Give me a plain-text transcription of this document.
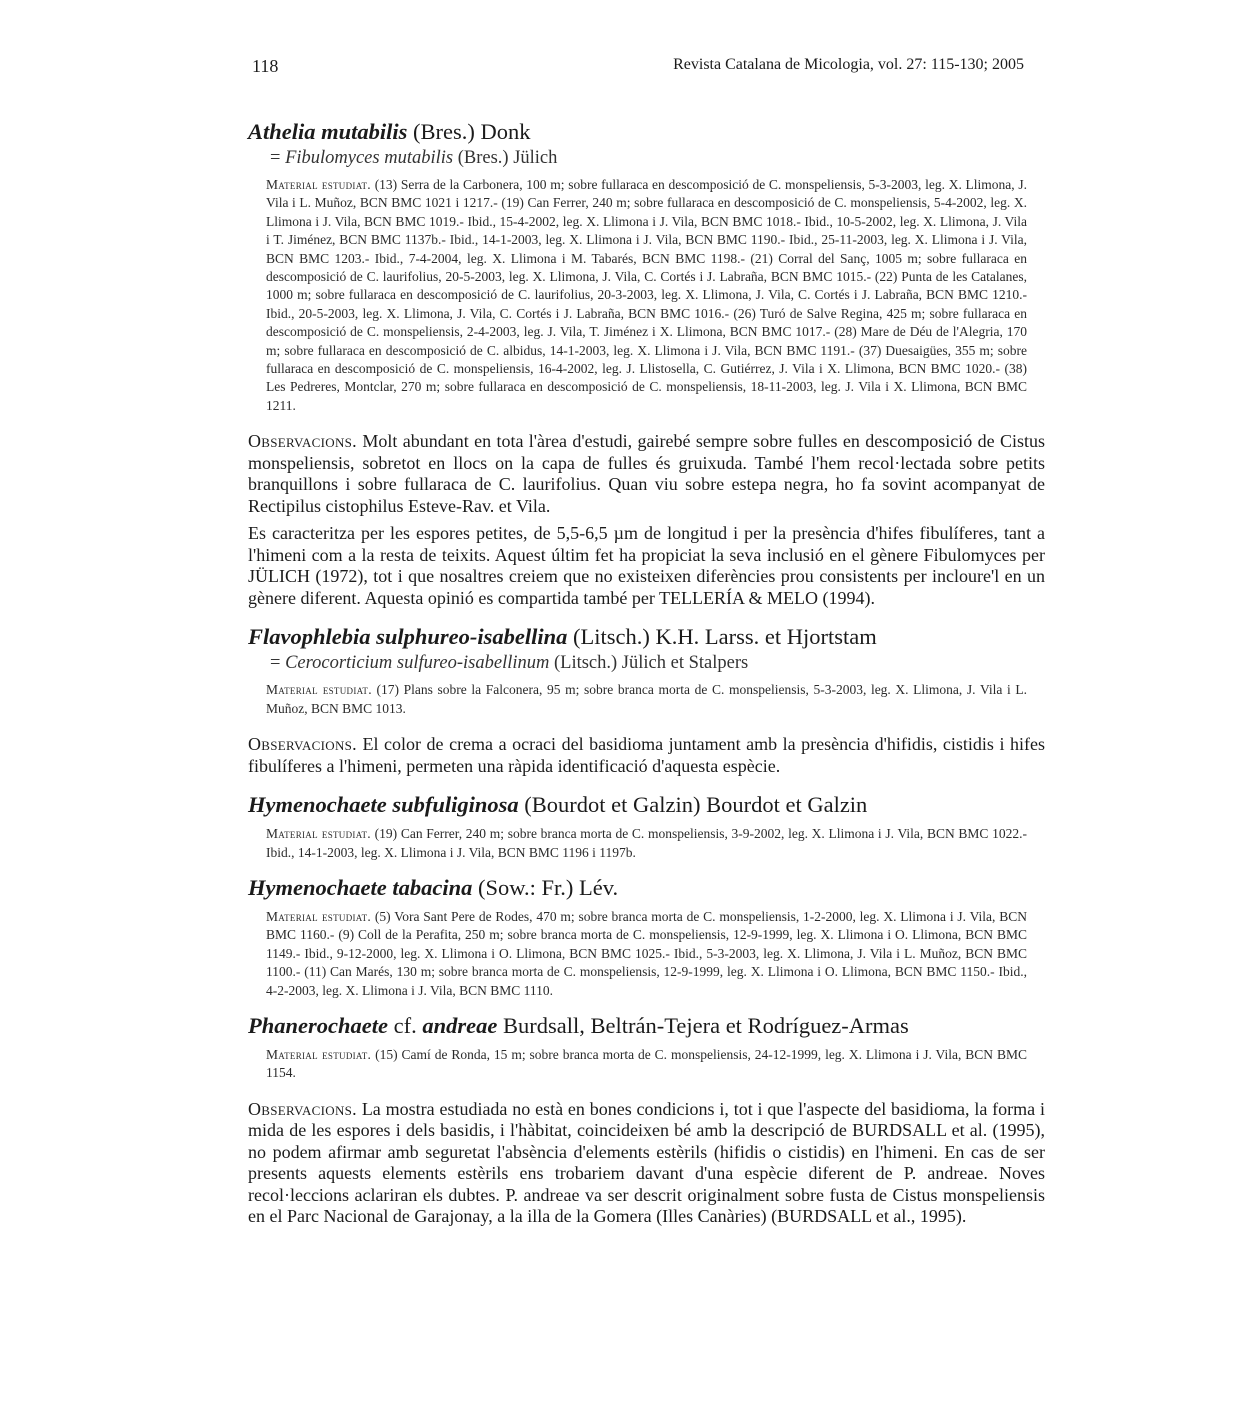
118	Revista Catalana de Micologia, vol. 27: 115-130; 2005

Athelia mutabilis (Bres.) Donk

= Fibulomyces mutabilis (Bres.) Jülich

Material estudiat. (13) Serra de la Carbonera, 100 m; sobre fullaraca en descomposició de C. monspeliensis, 5-3-2003, leg. X. Llimona, J. Vila i L. Muñoz, BCN BMC 1021 i 1217.- (19) Can Ferrer, 240 m; sobre fullaraca en descomposició de C. monspeliensis, 5-4-2002, leg. X. Llimona i J. Vila, BCN BMC 1019.- Ibid., 15-4-2002, leg. X. Llimona i J. Vila, BCN BMC 1018.- Ibid., 10-5-2002, leg. X. Llimona, J. Vila i T. Jiménez, BCN BMC 1137b.- Ibid., 14-1-2003, leg. X. Llimona i J. Vila, BCN BMC 1190.- Ibid., 25-11-2003, leg. X. Llimona i J. Vila, BCN BMC 1203.- Ibid., 7-4-2004, leg. X. Llimona i M. Tabarés, BCN BMC 1198.- (21) Corral del Sanç, 1005 m; sobre fullaraca en descomposició de C. laurifolius, 20-5-2003, leg. X. Llimona, J. Vila, C. Cortés i J. Labraña, BCN BMC 1015.- (22) Punta de les Catalanes, 1000 m; sobre fullaraca en descomposició de C. laurifolius, 20-3-2003, leg. X. Llimona, J. Vila, C. Cortés i J. Labraña, BCN BMC 1210.- Ibid., 20-5-2003, leg. X. Llimona, J. Vila, C. Cortés i J. Labraña, BCN BMC 1016.- (26) Turó de Salve Regina, 425 m; sobre fullaraca en descomposició de C. monspeliensis, 2-4-2003, leg. J. Vila, T. Jiménez i X. Llimona, BCN BMC 1017.- (28) Mare de Déu de l'Alegria, 170 m; sobre fullaraca en descomposició de C. albidus, 14-1-2003, leg. X. Llimona i J. Vila, BCN BMC 1191.- (37) Duesaigües, 355 m; sobre fullaraca en descomposició de C. monspeliensis, 16-4-2002, leg. J. Llistosella, C. Gutiérrez, J. Vila i X. Llimona, BCN BMC 1020.- (38) Les Pedreres, Montclar, 270 m; sobre fullaraca en descomposició de C. monspeliensis, 18-11-2003, leg. J. Vila i X. Llimona, BCN BMC 1211.

Observacions. Molt abundant en tota l'àrea d'estudi, gairebé sempre sobre fulles en descomposició de Cistus monspeliensis, sobretot en llocs on la capa de fulles és gruixuda. També l'hem recol·lectada sobre petits branquillons i sobre fullaraca de C. laurifolius. Quan viu sobre estepa negra, ho fa sovint acompanyat de Rectipilus cistophilus Esteve-Rav. et Vila.

Es caracteritza per les espores petites, de 5,5-6,5 µm de longitud i per la presència d'hifes fibulíferes, tant a l'himeni com a la resta de teixits. Aquest últim fet ha propiciat la seva inclusió en el gènere Fibulomyces per JÜLICH (1972), tot i que nosaltres creiem que no existeixen diferències prou consistents per incloure'l en un gènere diferent. Aquesta opinió es compartida també per TELLERÍA & MELO (1994).

Flavophlebia sulphureo-isabellina (Litsch.) K.H. Larss. et Hjortstam

= Cerocorticium sulfureo-isabellinum (Litsch.) Jülich et Stalpers

Material estudiat. (17) Plans sobre la Falconera, 95 m; sobre branca morta de C. monspeliensis, 5-3-2003, leg. X. Llimona, J. Vila i L. Muñoz, BCN BMC 1013.

Observacions. El color de crema a ocraci del basidioma juntament amb la presència d'hifidis, cistidis i hifes fibulíferes a l'himeni, permeten una ràpida identificació d'aquesta espècie.

Hymenochaete subfuliginosa (Bourdot et Galzin) Bourdot et Galzin

Material estudiat. (19) Can Ferrer, 240 m; sobre branca morta de C. monspeliensis, 3-9-2002, leg. X. Llimona i J. Vila, BCN BMC 1022.- Ibid., 14-1-2003, leg. X. Llimona i J. Vila, BCN BMC 1196 i 1197b.

Hymenochaete tabacina (Sow.: Fr.) Lév.

Material estudiat. (5) Vora Sant Pere de Rodes, 470 m; sobre branca morta de C. monspeliensis, 1-2-2000, leg. X. Llimona i J. Vila, BCN BMC 1160.- (9) Coll de la Perafita, 250 m; sobre branca morta de C. monspeliensis, 12-9-1999, leg. X. Llimona i O. Llimona, BCN BMC 1149.- Ibid., 9-12-2000, leg. X. Llimona i O. Llimona, BCN BMC 1025.- Ibid., 5-3-2003, leg. X. Llimona, J. Vila i L. Muñoz, BCN BMC 1100.- (11) Can Marés, 130 m; sobre branca morta de C. monspeliensis, 12-9-1999, leg. X. Llimona i O. Llimona, BCN BMC 1150.- Ibid., 4-2-2003, leg. X. Llimona i J. Vila, BCN BMC 1110.

Phanerochaete cf. andreae Burdsall, Beltrán-Tejera et Rodríguez-Armas

Material estudiat. (15) Camí de Ronda, 15 m; sobre branca morta de C. monspeliensis, 24-12-1999, leg. X. Llimona i J. Vila, BCN BMC 1154.

Observacions. La mostra estudiada no està en bones condicions i, tot i que l'aspecte del basidioma, la forma i mida de les espores i dels basidis, i l'hàbitat, coincideixen bé amb la descripció de BURDSALL et al. (1995), no podem afirmar amb seguretat l'absència d'elements estèrils (hifidis o cistidis) en l'himeni. En cas de ser presents aquests elements estèrils ens trobariem davant d'una espècie diferent de P. andreae. Noves recol·leccions aclariran els dubtes. P. andreae va ser descrit originalment sobre fusta de Cistus monspeliensis en el Parc Nacional de Garajonay, a la illa de la Gomera (Illes Canàries) (BURDSALL et al., 1995).
